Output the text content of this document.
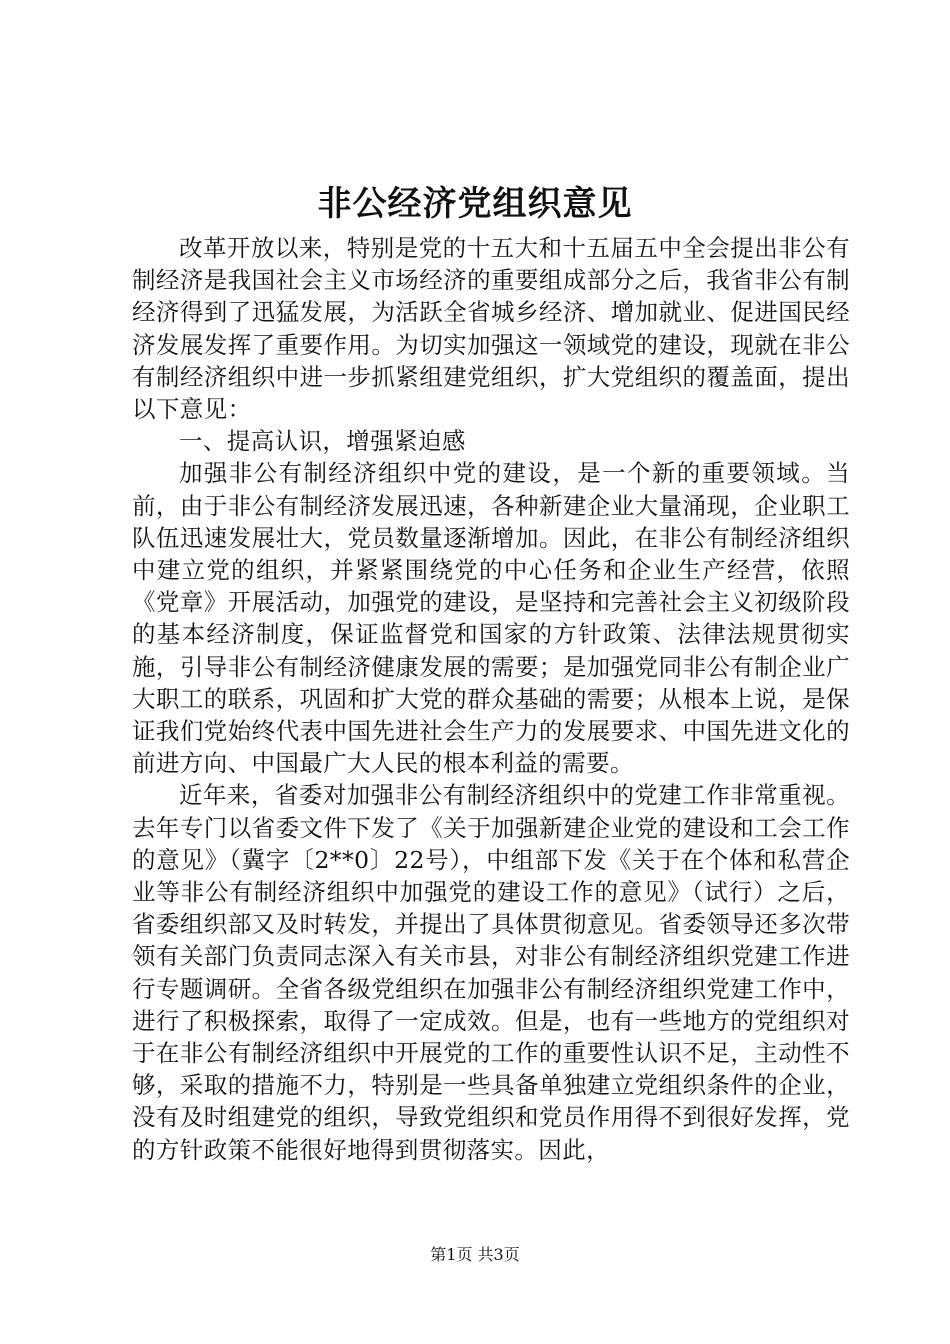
非公经济党组织意见

改革开放以来，特别是党的十五大和十五届五中全会提出非公有制经济是我国社会主义市场经济的重要组成部分之后，我省非公有制经济得到了迅猛发展，为活跃全省城乡经济、增加就业、促进国民经济发展发挥了重要作用。为切实加强这一领域党的建设，现就在非公有制经济组织中进一步抓紧组建党组织，扩大党组织的覆盖面，提出以下意见：

一、提高认识，增强紧迫感

加强非公有制经济组织中党的建设，是一个新的重要领域。当前，由于非公有制经济发展迅速，各种新建企业大量涌现，企业职工队伍迅速发展壮大，党员数量逐渐增加。因此，在非公有制经济组织中建立党的组织，并紧紧围绕党的中心任务和企业生产经营，依照《党章》开展活动，加强党的建设，是坚持和完善社会主义初级阶段的基本经济制度，保证监督党和国家的方针政策、法律法规贯彻实施，引导非公有制经济健康发展的需要；是加强党同非公有制企业广大职工的联系，巩固和扩大党的群众基础的需要；从根本上说，是保证我们党始终代表中国先进社会生产力的发展要求、中国先进文化的前进方向、中国最广大人民的根本利益的需要。

近年来，省委对加强非公有制经济组织中的党建工作非常重视。去年专门以省委文件下发了《关于加强新建企业党的建设和工会工作的意见》（冀字〔2**0〕22号），中组部下发《关于在个体和私营企业等非公有制经济组织中加强党的建设工作的意见》（试行）之后，省委组织部又及时转发，并提出了具体贯彻意见。省委领导还多次带领有关部门负责同志深入有关市县，对非公有制经济组织党建工作进行专题调研。全省各级党组织在加强非公有制经济组织党建工作中，进行了积极探索，取得了一定成效。但是，也有一些地方的党组织对于在非公有制经济组织中开展党的工作的重要性认识不足，主动性不够，采取的措施不力，特别是一些具备单独建立党组织条件的企业，没有及时组建党的组织，导致党组织和党员作用得不到很好发挥，党的方针政策不能很好地得到贯彻落实。因此，

第1页 共3页
